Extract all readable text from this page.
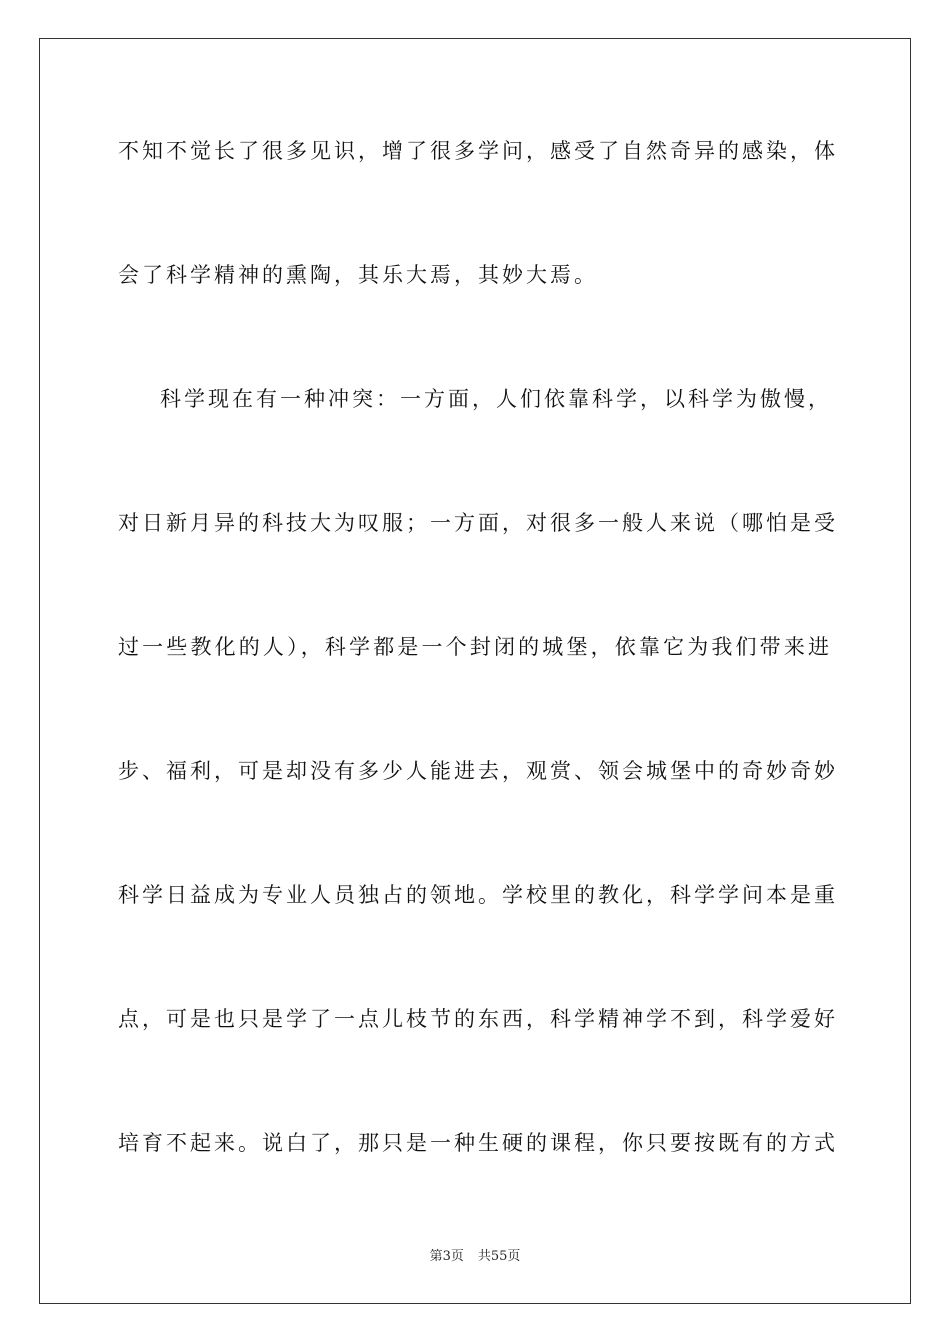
不知不觉长了很多见识，增了很多学问，感受了自然奇异的感染，体
会了科学精神的熏陶，其乐大焉，其妙大焉。
科学现在有一种冲突：一方面，人们依靠科学，以科学为傲慢，
对日新月异的科技大为叹服；一方面，对很多一般人来说（哪怕是受
过一些教化的人），科学都是一个封闭的城堡，依靠它为我们带来进
步、福利，可是却没有多少人能进去，观赏、领会城堡中的奇妙奇妙
科学日益成为专业人员独占的领地。学校里的教化，科学学问本是重
点，可是也只是学了一点儿枝节的东西，科学精神学不到，科学爱好
培育不起来。说白了，那只是一种生硬的课程，你只要按既有的方式
第3页 共55页
